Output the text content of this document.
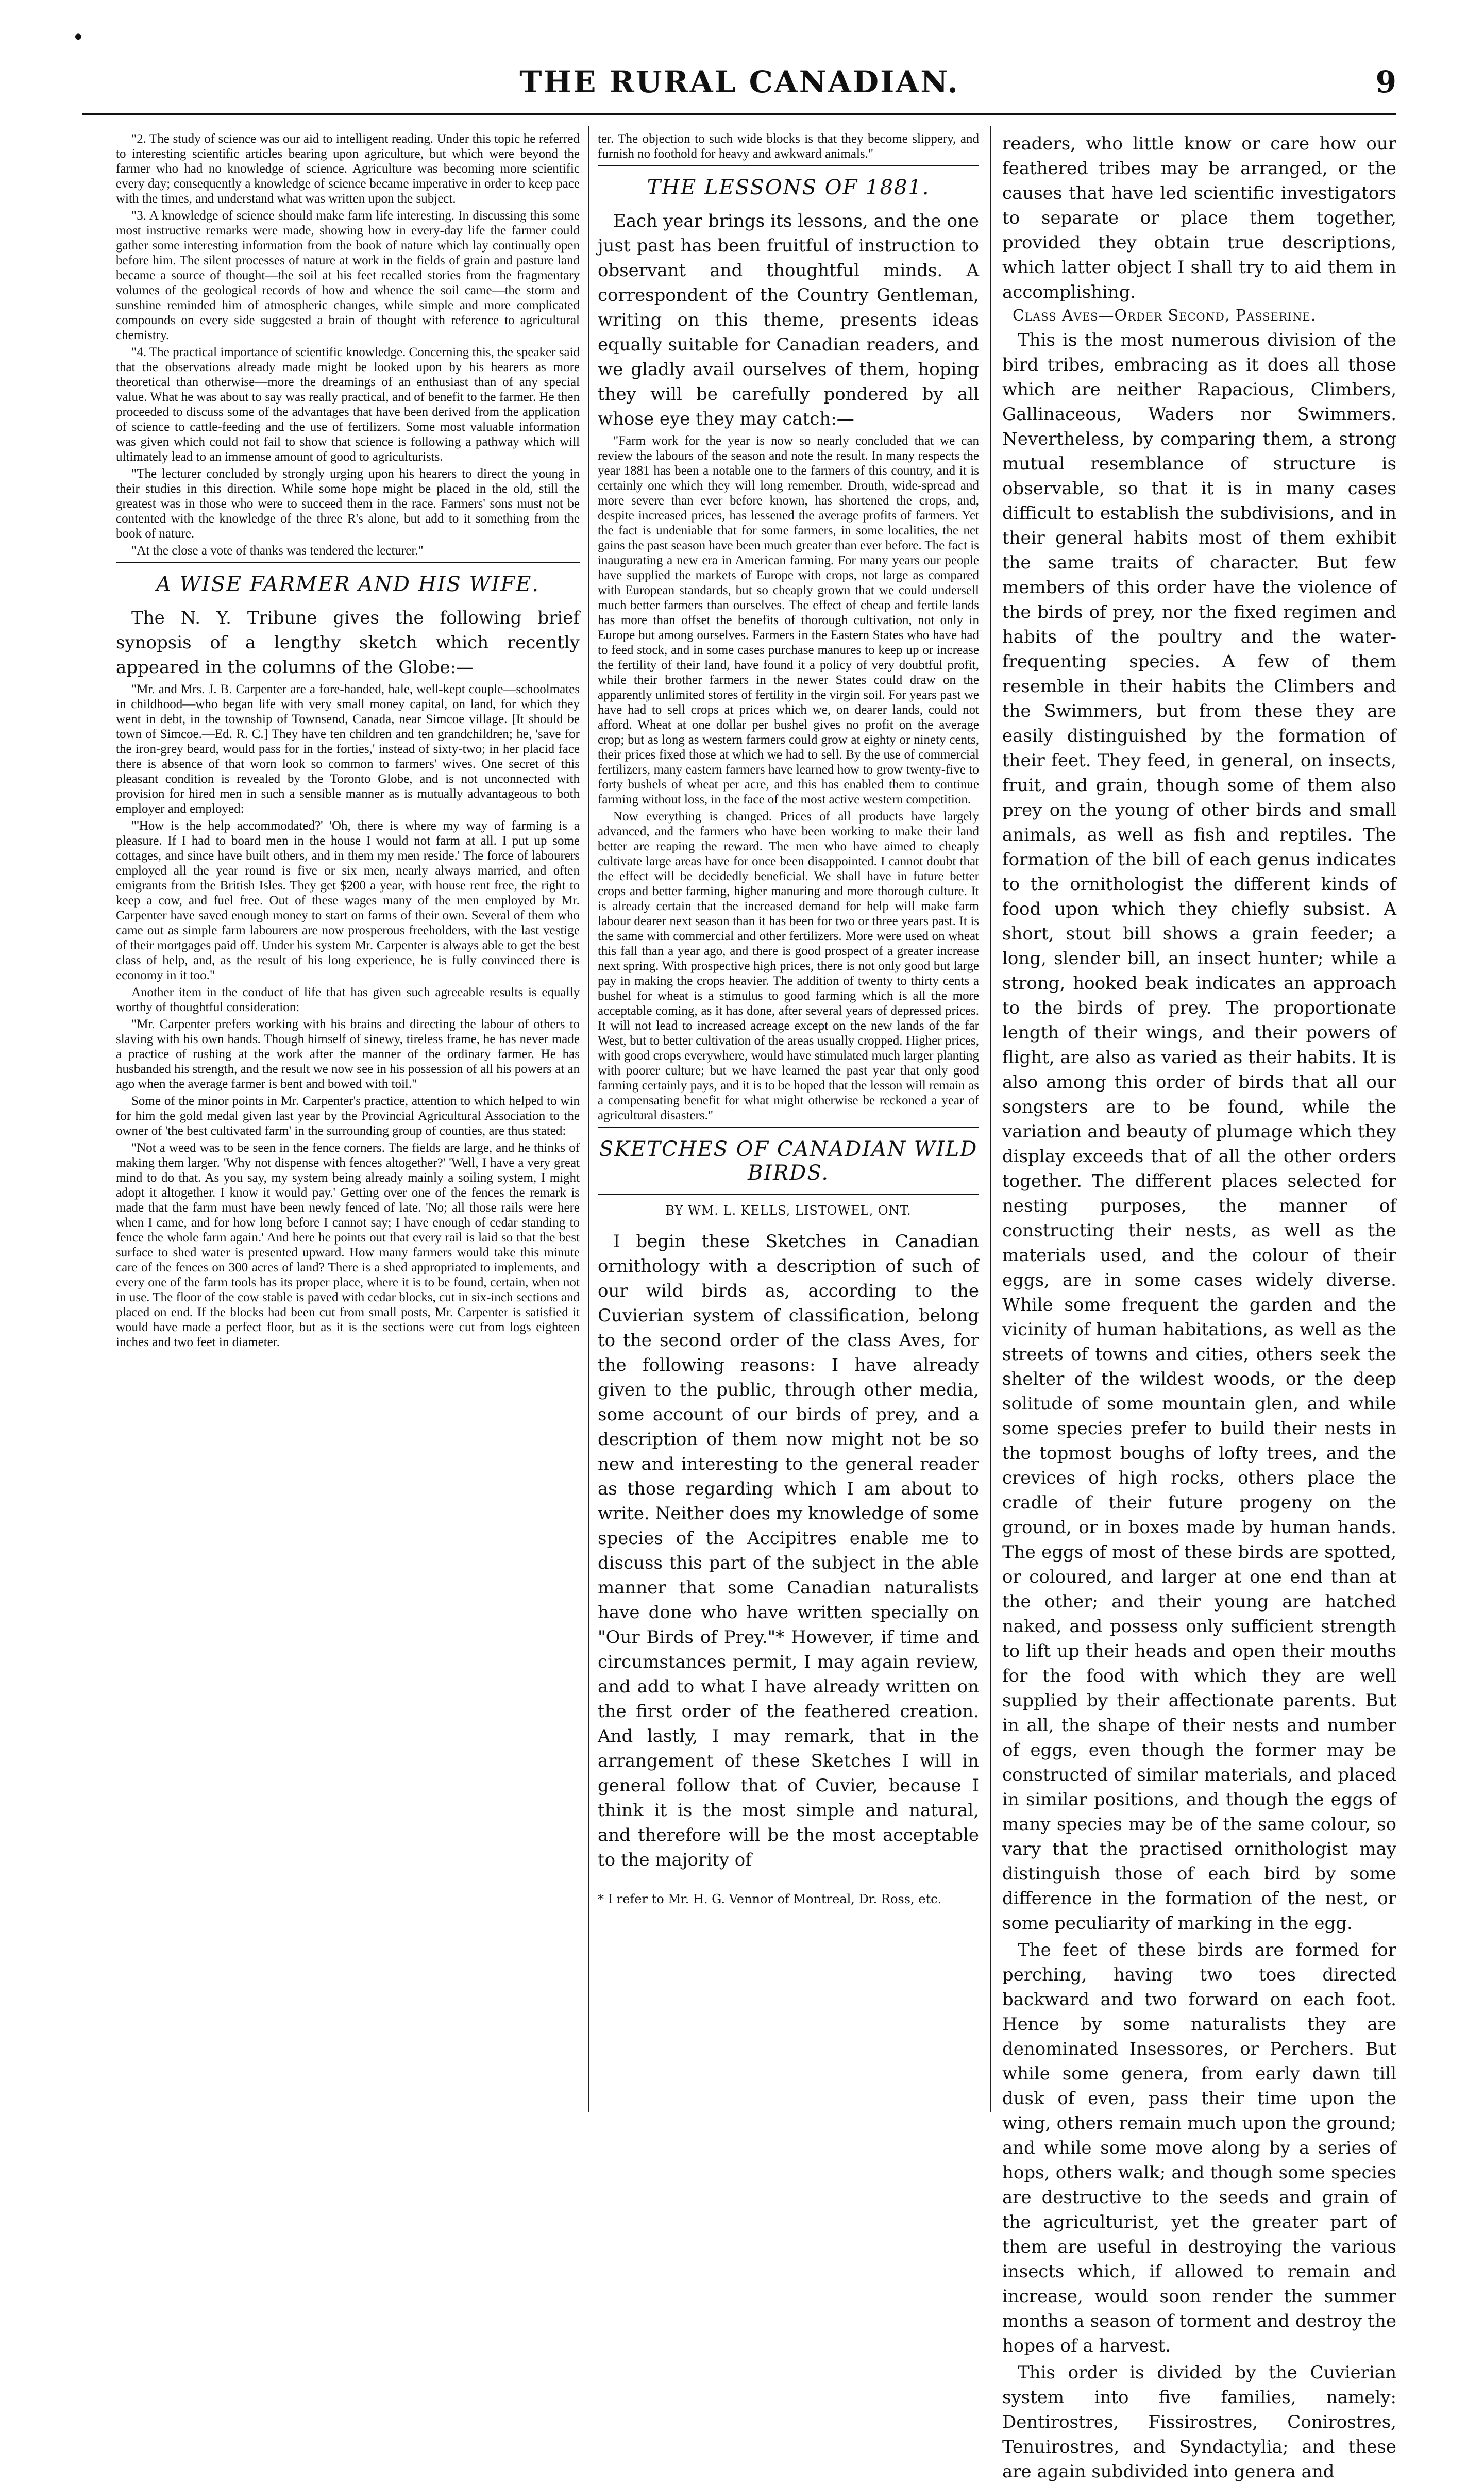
•
THE RURAL CANADIAN.	9

"2. The study of science was our aid to intelligent reading. Under this topic he referred to interesting scientific articles bearing upon agriculture, but which were beyond the farmer who had no knowledge of science. Agriculture was becoming more scientific every day; consequently a knowledge of science became imperative in order to keep pace with the times, and understand what was written upon the subject.

"3. A knowledge of science should make farm life interesting. In discussing this some most instructive remarks were made, showing how in every-day life the farmer could gather some interesting information from the book of nature which lay continually open before him. The silent processes of nature at work in the fields of grain and pasture land became a source of thought—the soil at his feet recalled stories from the fragmentary volumes of the geological records of how and whence the soil came—the storm and sunshine reminded him of atmospheric changes, while simple and more complicated compounds on every side suggested a brain of thought with reference to agricultural chemistry.

"4. The practical importance of scientific knowledge. Concerning this, the speaker said that the observations already made might be looked upon by his hearers as more theoretical than otherwise—more the dreamings of an enthusiast than of any special value. What he was about to say was really practical, and of benefit to the farmer. He then proceeded to discuss some of the advantages that have been derived from the application of science to cattle-feeding and the use of fertilizers. Some most valuable information was given which could not fail to show that science is following a pathway which will ultimately lead to an immense amount of good to agriculturists.

"The lecturer concluded by strongly urging upon his hearers to direct the young in their studies in this direction. While some hope might be placed in the old, still the greatest was in those who were to succeed them in the race. Farmers' sons must not be contented with the knowledge of the three R's alone, but add to it something from the book of nature.

"At the close a vote of thanks was tendered the lecturer."

A WISE FARMER AND HIS WIFE.

The N. Y. Tribune gives the following brief synopsis of a lengthy sketch which recently appeared in the columns of the Globe:—

"Mr. and Mrs. J. B. Carpenter are a fore-handed, hale, well-kept couple—schoolmates in childhood—who began life with very small money capital, on land, for which they went in debt, in the township of Townsend, Canada, near Simcoe village. [It should be town of Simcoe.—Ed. R. C.] They have ten children and ten grandchildren; he, 'save for the iron-grey beard, would pass for in the forties,' instead of sixty-two; in her placid face there is absence of that worn look so common to farmers' wives. One secret of this pleasant condition is revealed by the Toronto Globe, and is not unconnected with provision for hired men in such a sensible manner as is mutually advantageous to both employer and employed:

"'How is the help accommodated?' 'Oh, there is where my way of farming is a pleasure. If I had to board men in the house I would not farm at all. I put up some cottages, and since have built others, and in them my men reside.' The force of labourers employed all the year round is five or six men, nearly always married, and often emigrants from the British Isles. They get $200 a year, with house rent free, the right to keep a cow, and fuel free. Out of these wages many of the men employed by Mr. Carpenter have saved enough money to start on farms of their own. Several of them who came out as simple farm labourers are now prosperous freeholders, with the last vestige of their mortgages paid off. Under his system Mr. Carpenter is always able to get the best class of help, and, as the result of his long experience, he is fully convinced there is economy in it too."

Another item in the conduct of life that has given such agreeable results is equally worthy of thoughtful consideration:

"Mr. Carpenter prefers working with his brains and directing the labour of others to slaving with his own hands. Though himself of sinewy, tireless frame, he has never made a practice of rushing at the work after the manner of the ordinary farmer. He has husbanded his strength, and the result we now see in his possession of all his powers at an ago when the average farmer is bent and bowed with toil."

Some of the minor points in Mr. Carpenter's practice, attention to which helped to win for him the gold medal given last year by the Provincial Agricultural Association to the owner of 'the best cultivated farm' in the surrounding group of counties, are thus stated:

"Not a weed was to be seen in the fence corners. The fields are large, and he thinks of making them larger. 'Why not dispense with fences altogether?' 'Well, I have a very great mind to do that. As you say, my system being already mainly a soiling system, I might adopt it altogether. I know it would pay.' Getting over one of the fences the remark is made that the farm must have been newly fenced of late. 'No; all those rails were here when I came, and for how long before I cannot say; I have enough of cedar standing to fence the whole farm again.' And here he points out that every rail is laid so that the best surface to shed water is presented upward. How many farmers would take this minute care of the fences on 300 acres of land? There is a shed appropriated to implements, and every one of the farm tools has its proper place, where it is to be found, certain, when not in use. The floor of the cow stable is paved with cedar blocks, cut in six-inch sections and placed on end. If the blocks had been cut from small posts, Mr. Carpenter is satisfied it would have made a perfect floor, but as it is the sections were cut from logs eighteen inches and two feet in diameter.

ter. The objection to such wide blocks is that they become slippery, and furnish no foothold for heavy and awkward animals."

THE LESSONS OF 1881.

Each year brings its lessons, and the one just past has been fruitful of instruction to observant and thoughtful minds. A correspondent of the Country Gentleman, writing on this theme, presents ideas equally suitable for Canadian readers, and we gladly avail ourselves of them, hoping they will be carefully pondered by all whose eye they may catch:—

"Farm work for the year is now so nearly concluded that we can review the labours of the season and note the result. In many respects the year 1881 has been a notable one to the farmers of this country, and it is certainly one which they will long remember. Drouth, wide-spread and more severe than ever before known, has shortened the crops, and, despite increased prices, has lessened the average profits of farmers. Yet the fact is undeniable that for some farmers, in some localities, the net gains the past season have been much greater than ever before. The fact is inaugurating a new era in American farming. For many years our people have supplied the markets of Europe with crops, not large as compared with European standards, but so cheaply grown that we could undersell much better farmers than ourselves. The effect of cheap and fertile lands has more than offset the benefits of thorough cultivation, not only in Europe but among ourselves. Farmers in the Eastern States who have had to feed stock, and in some cases purchase manures to keep up or increase the fertility of their land, have found it a policy of very doubtful profit, while their brother farmers in the newer States could draw on the apparently unlimited stores of fertility in the virgin soil. For years past we have had to sell crops at prices which we, on dearer lands, could not afford. Wheat at one dollar per bushel gives no profit on the average crop; but as long as western farmers could grow at eighty or ninety cents, their prices fixed those at which we had to sell. By the use of commercial fertilizers, many eastern farmers have learned how to grow twenty-five to forty bushels of wheat per acre, and this has enabled them to continue farming without loss, in the face of the most active western competition.

Now everything is changed. Prices of all products have largely advanced, and the farmers who have been working to make their land better are reaping the reward. The men who have aimed to cheaply cultivate large areas have for once been disappointed. I cannot doubt that the effect will be decidedly beneficial. We shall have in future better crops and better farming, higher manuring and more thorough culture. It is already certain that the increased demand for help will make farm labour dearer next season than it has been for two or three years past. It is the same with commercial and other fertilizers. More were used on wheat this fall than a year ago, and there is good prospect of a greater increase next spring. With prospective high prices, there is not only good but large pay in making the crops heavier. The addition of twenty to thirty cents a bushel for wheat is a stimulus to good farming which is all the more acceptable coming, as it has done, after several years of depressed prices. It will not lead to increased acreage except on the new lands of the far West, but to better cultivation of the areas usually cropped. Higher prices, with good crops everywhere, would have stimulated much larger planting with poorer culture; but we have learned the past year that only good farming certainly pays, and it is to be hoped that the lesson will remain as a compensating benefit for what might otherwise be reckoned a year of agricultural disasters."

SKETCHES OF CANADIAN WILD BIRDS.
BY WM. L. KELLS, LISTOWEL, ONT.

I begin these Sketches in Canadian ornithology with a description of such of our wild birds as, according to the Cuvierian system of classification, belong to the second order of the class Aves, for the following reasons: I have already given to the public, through other media, some account of our birds of prey, and a description of them now might not be so new and interesting to the general reader as those regarding which I am about to write. Neither does my knowledge of some species of the Accipitres enable me to discuss this part of the subject in the able manner that some Canadian naturalists have done who have written specially on "Our Birds of Prey."* However, if time and circumstances permit, I may again review, and add to what I have already written on the first order of the feathered creation. And lastly, I may remark, that in the arrangement of these Sketches I will in general follow that of Cuvier, because I think it is the most simple and natural, and therefore will be the most acceptable to the majority of

* I refer to Mr. H. G. Vennor of Montreal, Dr. Ross, etc.

readers, who little know or care how our feathered tribes may be arranged, or the causes that have led scientific investigators to separate or place them together, provided they obtain true descriptions, which latter object I shall try to aid them in accomplishing.

Class Aves—Order Second, Passerine.

This is the most numerous division of the bird tribes, embracing as it does all those which are neither Rapacious, Climbers, Gallinaceous, Waders nor Swimmers. Nevertheless, by comparing them, a strong mutual resemblance of structure is observable, so that it is in many cases difficult to establish the subdivisions, and in their general habits most of them exhibit the same traits of character. But few members of this order have the violence of the birds of prey, nor the fixed regimen and habits of the poultry and the water-frequenting species. A few of them resemble in their habits the Climbers and the Swimmers, but from these they are easily distinguished by the formation of their feet. They feed, in general, on insects, fruit, and grain, though some of them also prey on the young of other birds and small animals, as well as fish and reptiles. The formation of the bill of each genus indicates to the ornithologist the different kinds of food upon which they chiefly subsist. A short, stout bill shows a grain feeder; a long, slender bill, an insect hunter; while a strong, hooked beak indicates an approach to the birds of prey. The proportionate length of their wings, and their powers of flight, are also as varied as their habits. It is also among this order of birds that all our songsters are to be found, while the variation and beauty of plumage which they display exceeds that of all the other orders together. The different places selected for nesting purposes, the manner of constructing their nests, as well as the materials used, and the colour of their eggs, are in some cases widely diverse. While some frequent the garden and the vicinity of human habitations, as well as the streets of towns and cities, others seek the shelter of the wildest woods, or the deep solitude of some mountain glen, and while some species prefer to build their nests in the topmost boughs of lofty trees, and the crevices of high rocks, others place the cradle of their future progeny on the ground, or in boxes made by human hands. The eggs of most of these birds are spotted, or coloured, and larger at one end than at the other; and their young are hatched naked, and possess only sufficient strength to lift up their heads and open their mouths for the food with which they are well supplied by their affectionate parents. But in all, the shape of their nests and number of eggs, even though the former may be constructed of similar materials, and placed in similar positions, and though the eggs of many species may be of the same colour, so vary that the practised ornithologist may distinguish those of each bird by some difference in the formation of the nest, or some peculiarity of marking in the egg.

The feet of these birds are formed for perching, having two toes directed backward and two forward on each foot. Hence by some naturalists they are denominated Insessores, or Perchers. But while some genera, from early dawn till dusk of even, pass their time upon the wing, others remain much upon the ground; and while some move along by a series of hops, others walk; and though some species are destructive to the seeds and grain of the agriculturist, yet the greater part of them are useful in destroying the various insects which, if allowed to remain and increase, would soon render the summer months a season of torment and destroy the hopes of a harvest.

This order is divided by the Cuvierian system into five families, namely: Dentirostres, Fissirostres, Conirostres, Tenuirostres, and Syndactylia; and these are again subdivided into genera and
